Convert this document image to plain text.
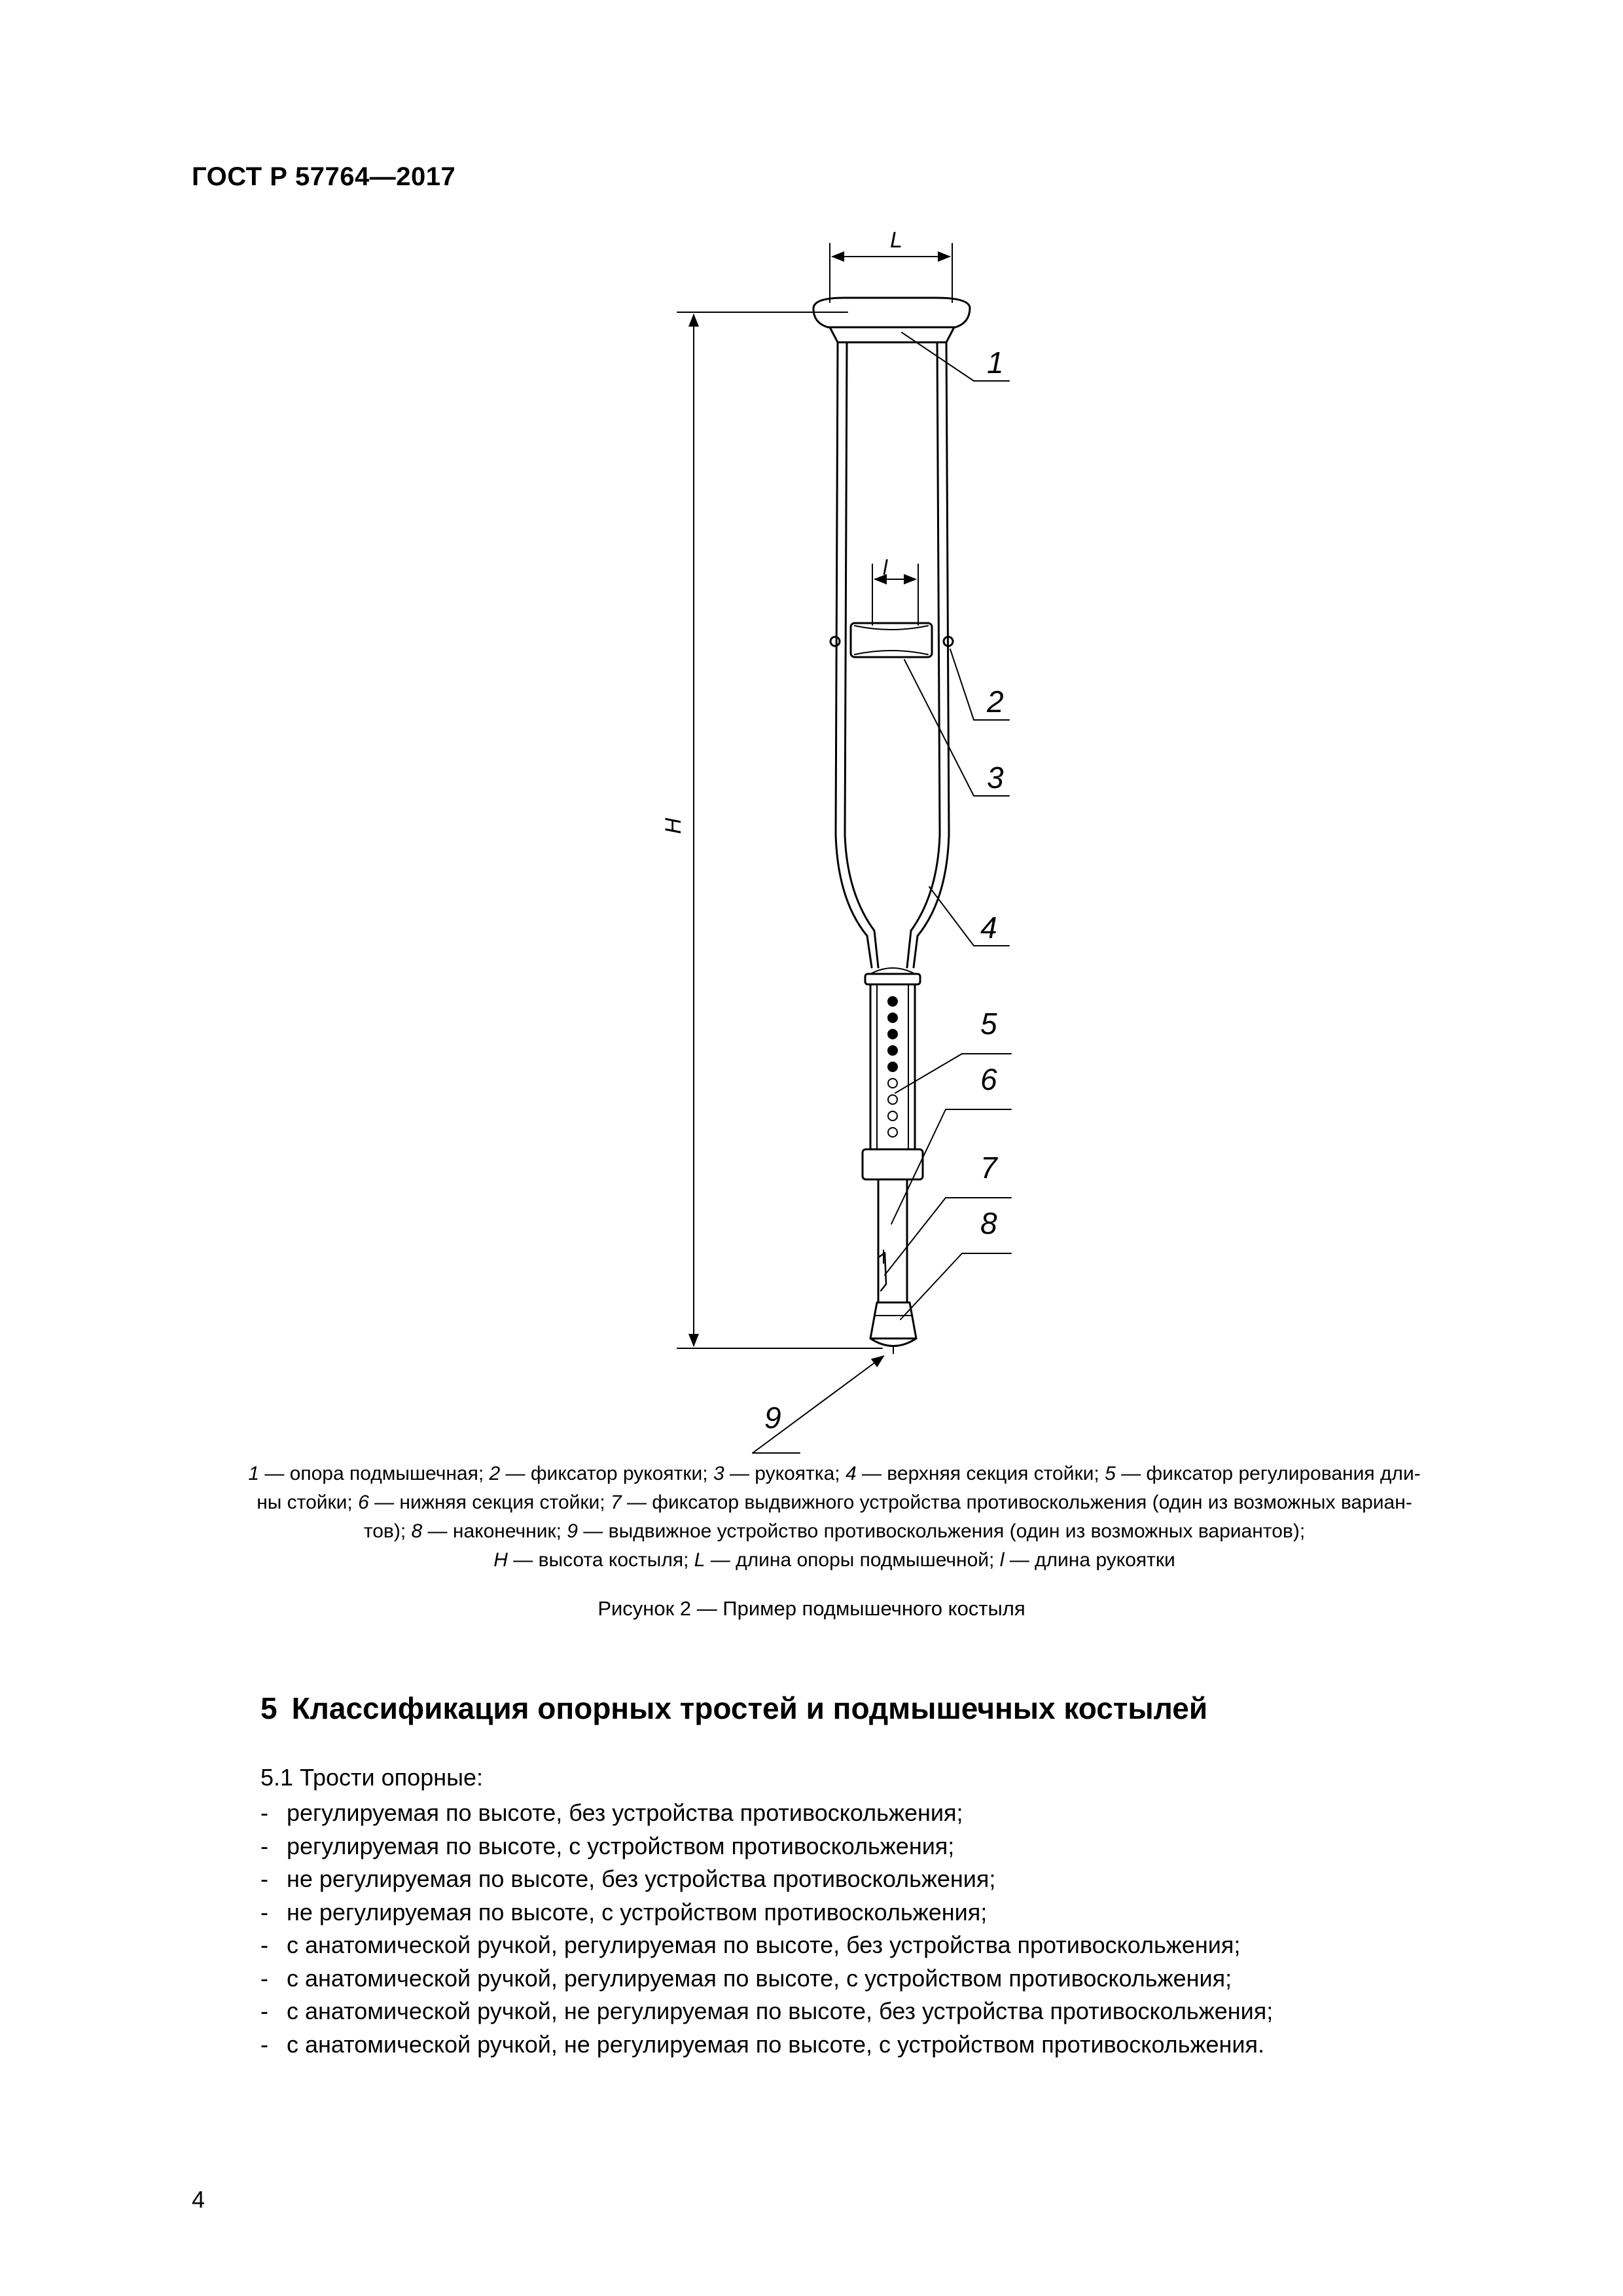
ГОСТ Р 57764—2017
L
l
H
1
2
3
4
5
6
7
8
9
1 — опора подмышечная; 2 — фиксатор рукоятки; 3 — рукоятка; 4 — верхняя секция стойки; 5 — фиксатор регулирования дли-
ны стойки; 6 — нижняя секция стойки; 7 — фиксатор выдвижного устройства противоскольжения (один из возможных вариан-
тов); 8 — наконечник; 9 — выдвижное устройство противоскольжения (один из возможных вариантов);
H — высота костыля; L — длина опоры подмышечной; l — длина рукоятки
Рисунок 2 — Пример подмышечного костыля
5 Классификация опорных тростей и подмышечных костылей
5.1 Трости опорные:
- регулируемая по высоте, без устройства противоскольжения;
- регулируемая по высоте, с устройством противоскольжения;
- не регулируемая по высоте, без устройства противоскольжения;
- не регулируемая по высоте, с устройством противоскольжения;
- с анатомической ручкой, регулируемая по высоте, без устройства противоскольжения;
- с анатомической ручкой, регулируемая по высоте, с устройством противоскольжения;
- с анатомической ручкой, не регулируемая по высоте, без устройства противоскольжения;
- с анатомической ручкой, не регулируемая по высоте, с устройством противоскольжения.
4
